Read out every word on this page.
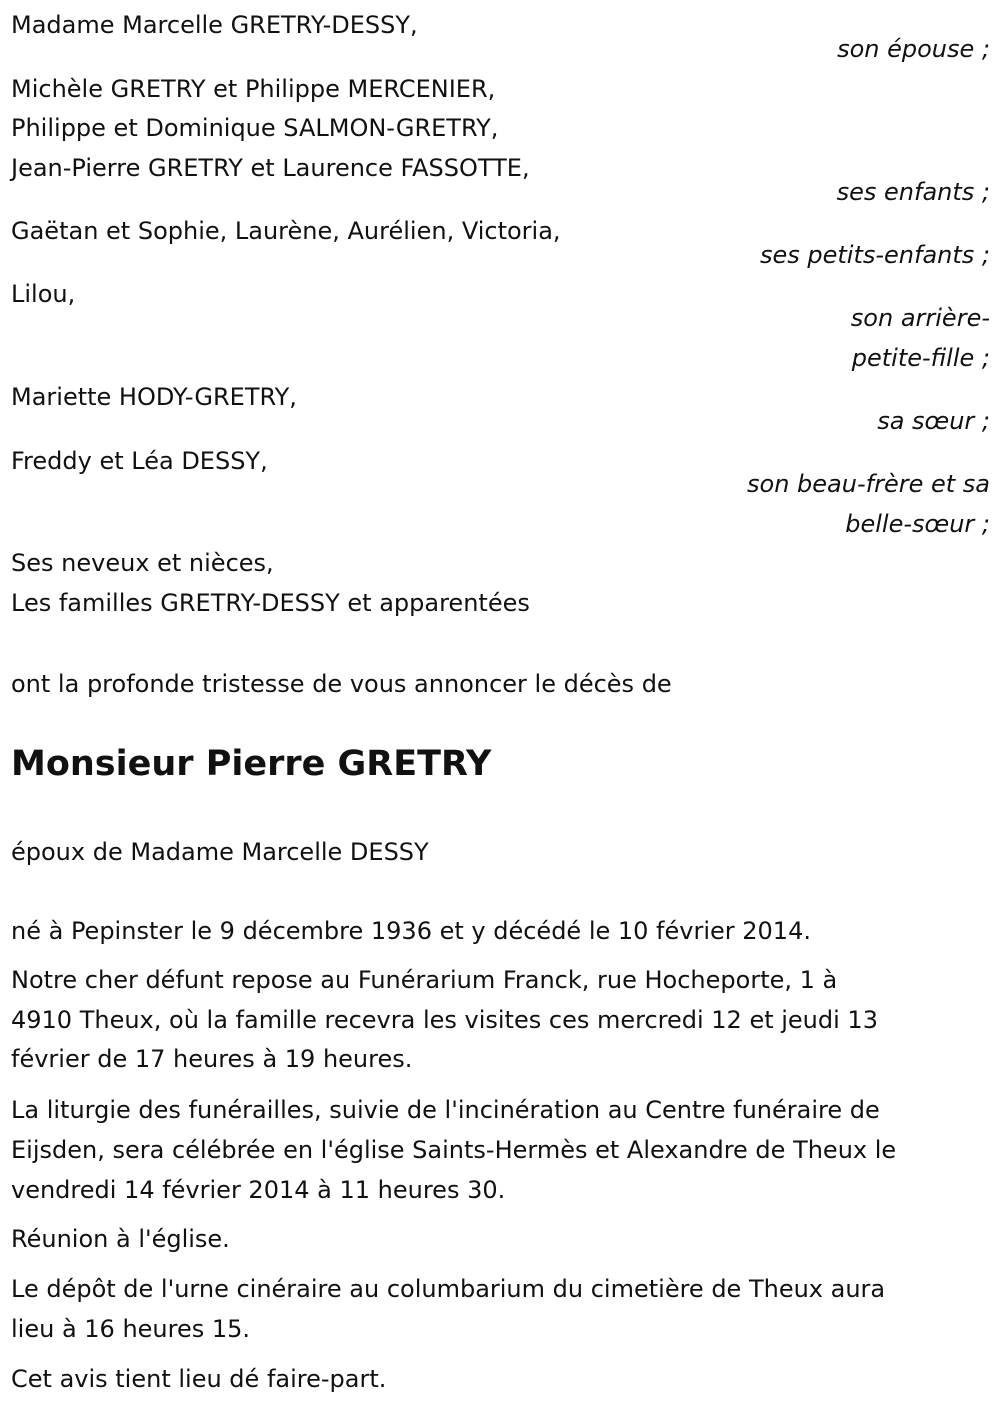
Madame Marcelle GRETRY-DESSY,
son épouse ;
Michèle GRETRY et Philippe MERCENIER,
Philippe et Dominique SALMON-GRETRY,
Jean-Pierre GRETRY et Laurence FASSOTTE,
ses enfants ;
Gaëtan et Sophie, Laurène, Aurélien, Victoria,
ses petits-enfants ;
Lilou,
son arrière-
petite-fille ;
Mariette HODY-GRETRY,
sa sœur ;
Freddy et Léa DESSY,
son beau-frère et sa
belle-sœur ;
Ses neveux et nièces,
Les familles GRETRY-DESSY et apparentées
ont la profonde tristesse de vous annoncer le décès de
Monsieur Pierre GRETRY
époux de Madame Marcelle DESSY
né à Pepinster le 9 décembre 1936 et y décédé le 10 février 2014.
Notre cher défunt repose au Funérarium Franck, rue Hocheporte, 1 à
4910 Theux, où la famille recevra les visites ces mercredi 12 et jeudi 13
février de 17 heures à 19 heures.
La liturgie des funérailles, suivie de l'incinération au Centre funéraire de
Eijsden, sera célébrée en l'église Saints-Hermès et Alexandre de Theux le
vendredi 14 février 2014 à 11 heures 30.
Réunion à l'église.
Le dépôt de l'urne cinéraire au columbarium du cimetière de Theux aura
lieu à 16 heures 15.
Cet avis tient lieu dé faire-part.
